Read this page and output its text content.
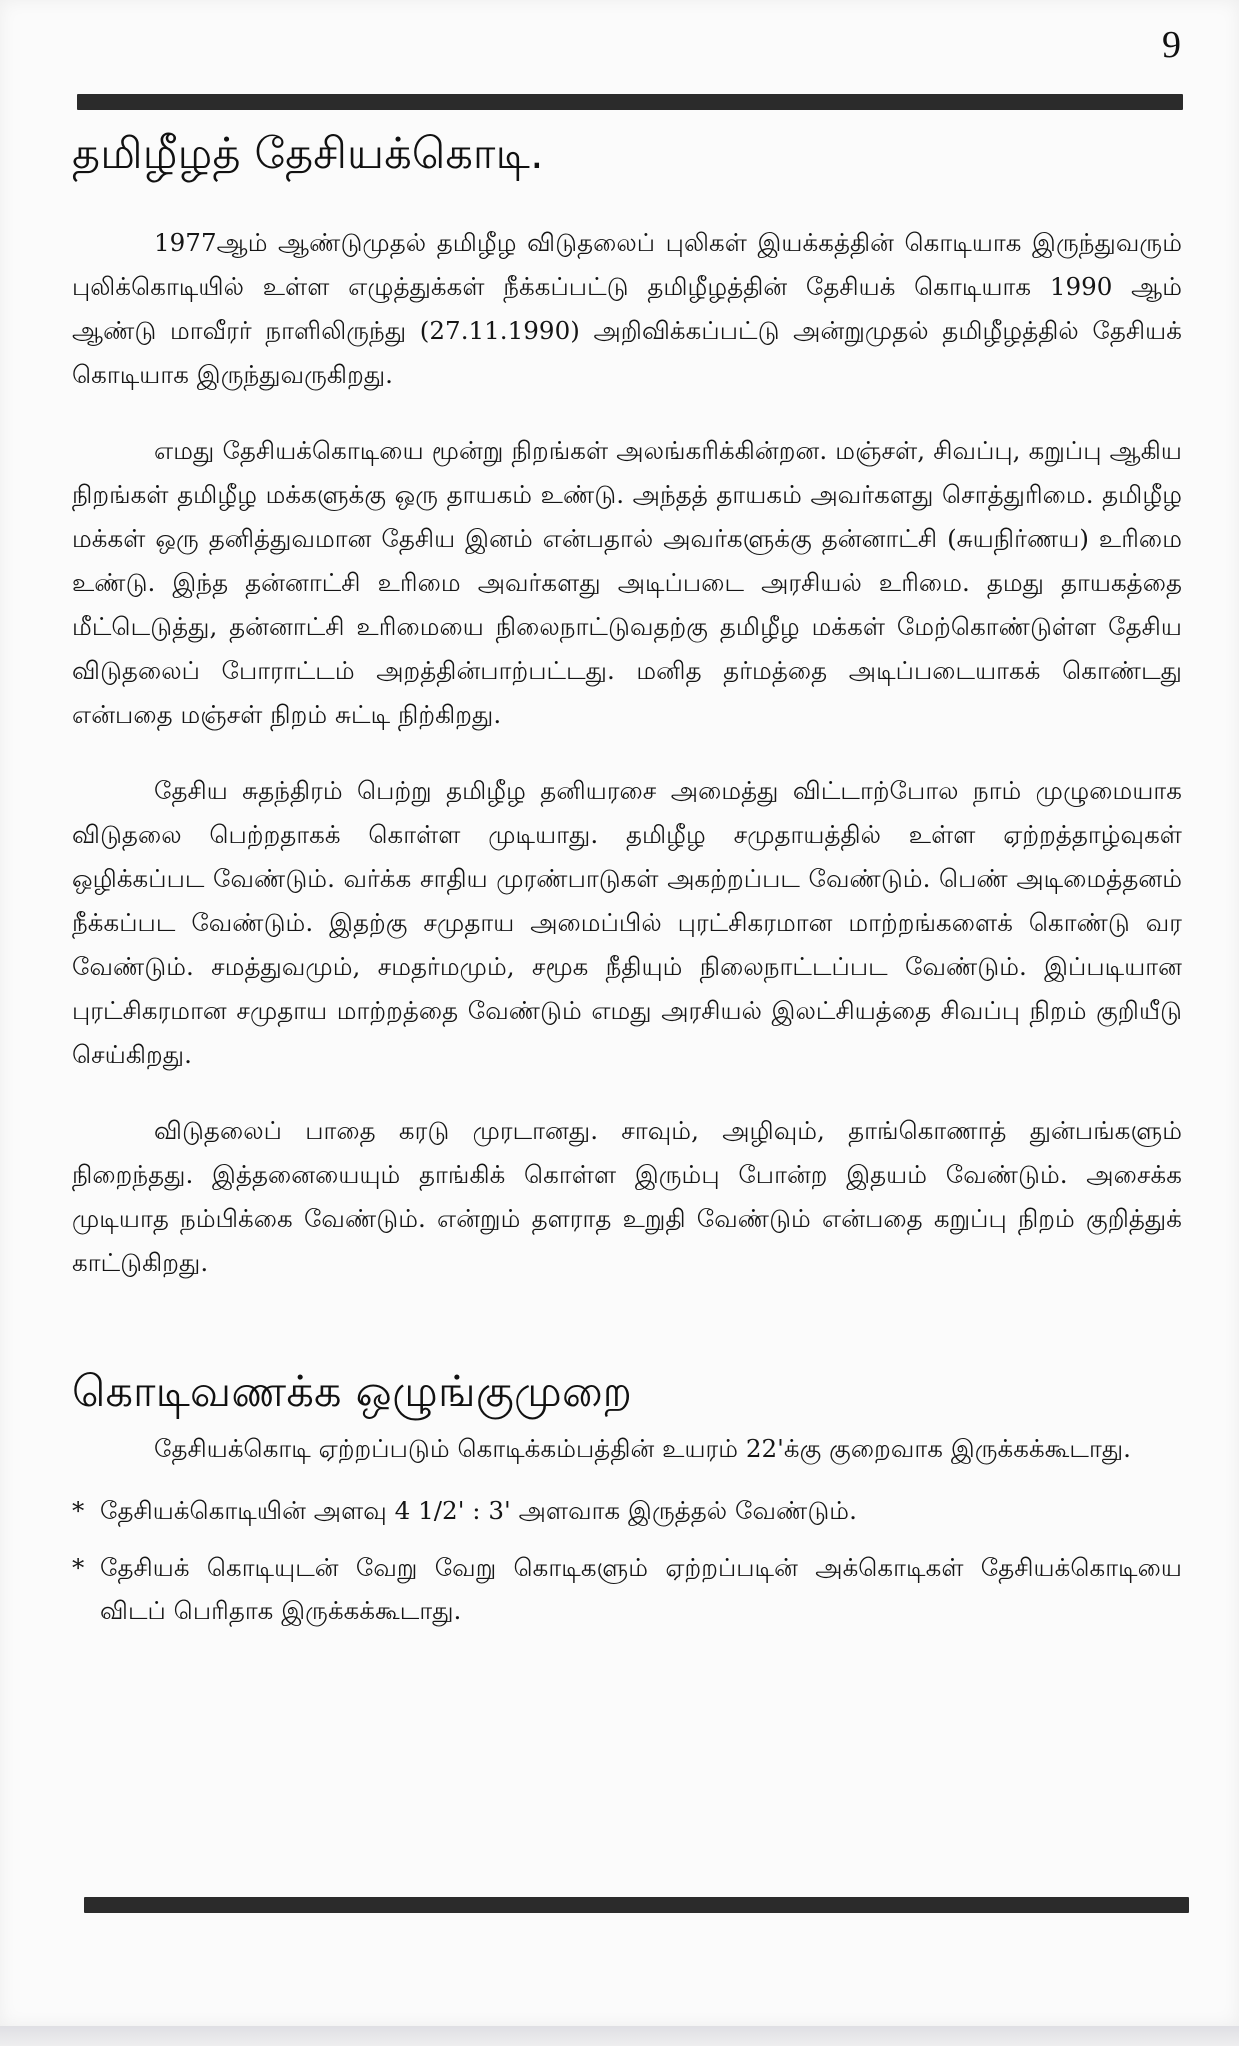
9
தமிழீழத் தேசியக்கொடி.

1977ஆம் ஆண்டுமுதல் தமிழீழ விடுதலைப் புலிகள் இயக்கத்தின் கொடியாக இருந்துவரும் புலிக்கொடியில் உள்ள எழுத்துக்கள் நீக்கப்பட்டு தமிழீழத்தின் தேசியக் கொடியாக 1990 ஆம் ஆண்டு மாவீரர் நாளிலிருந்து (27.11.1990) அறிவிக்கப்பட்டு அன்றுமுதல் தமிழீழத்தில் தேசியக் கொடியாக இருந்துவருகிறது.

எமது தேசியக்கொடியை மூன்று நிறங்கள் அலங்கரிக்கின்றன. மஞ்சள், சிவப்பு, கறுப்பு ஆகிய நிறங்கள் தமிழீழ மக்களுக்கு ஒரு தாயகம் உண்டு. அந்தத் தாயகம் அவர்களது சொத்துரிமை. தமிழீழ மக்கள் ஒரு தனித்துவமான தேசிய இனம் என்பதால் அவர்களுக்கு தன்னாட்சி (சுயநிர்ணய) உரிமை உண்டு. இந்த தன்னாட்சி உரிமை அவர்களது அடிப்படை அரசியல் உரிமை. தமது தாயகத்தை மீட்டெடுத்து, தன்னாட்சி உரிமையை நிலைநாட்டுவதற்கு தமிழீழ மக்கள் மேற்கொண்டுள்ள தேசிய விடுதலைப் போராட்டம் அறத்தின்பாற்பட்டது. மனித தர்மத்தை அடிப்படையாகக் கொண்டது என்பதை மஞ்சள் நிறம் சுட்டி நிற்கிறது.

தேசிய சுதந்திரம் பெற்று தமிழீழ தனியரசை அமைத்து விட்டாற்போல நாம் முழுமையாக விடுதலை பெற்றதாகக் கொள்ள முடியாது. தமிழீழ சமுதாயத்தில் உள்ள ஏற்றத்தாழ்வுகள் ஒழிக்கப்பட வேண்டும். வர்க்க சாதிய முரண்பாடுகள் அகற்றப்பட வேண்டும். பெண் அடிமைத்தனம் நீக்கப்பட வேண்டும். இதற்கு சமுதாய அமைப்பில் புரட்சிகரமான மாற்றங்களைக் கொண்டு வர வேண்டும். சமத்துவமும், சமதர்மமும், சமூக நீதியும் நிலைநாட்டப்பட வேண்டும். இப்படியான புரட்சிகரமான சமுதாய மாற்றத்தை வேண்டும் எமது அரசியல் இலட்சியத்தை சிவப்பு நிறம் குறியீடு செய்கிறது.

விடுதலைப் பாதை கரடு முரடானது. சாவும், அழிவும், தாங்கொணாத் துன்பங்களும் நிறைந்தது. இத்தனையையும் தாங்கிக் கொள்ள இரும்பு போன்ற இதயம் வேண்டும். அசைக்க முடியாத நம்பிக்கை வேண்டும். என்றும் தளராத உறுதி வேண்டும் என்பதை கறுப்பு நிறம் குறித்துக் காட்டுகிறது.

கொடிவணக்க ஒழுங்குமுறை

தேசியக்கொடி ஏற்றப்படும் கொடிக்கம்பத்தின் உயரம் 22'க்கு குறைவாக இருக்கக்கூடாது.

* தேசியக்கொடியின் அளவு 4 1/2' : 3' அளவாக இருத்தல் வேண்டும்.
* தேசியக் கொடியுடன் வேறு வேறு கொடிகளும் ஏற்றப்படின் அக்கொடிகள் தேசியக்கொடியை விடப் பெரிதாக இருக்கக்கூடாது.
